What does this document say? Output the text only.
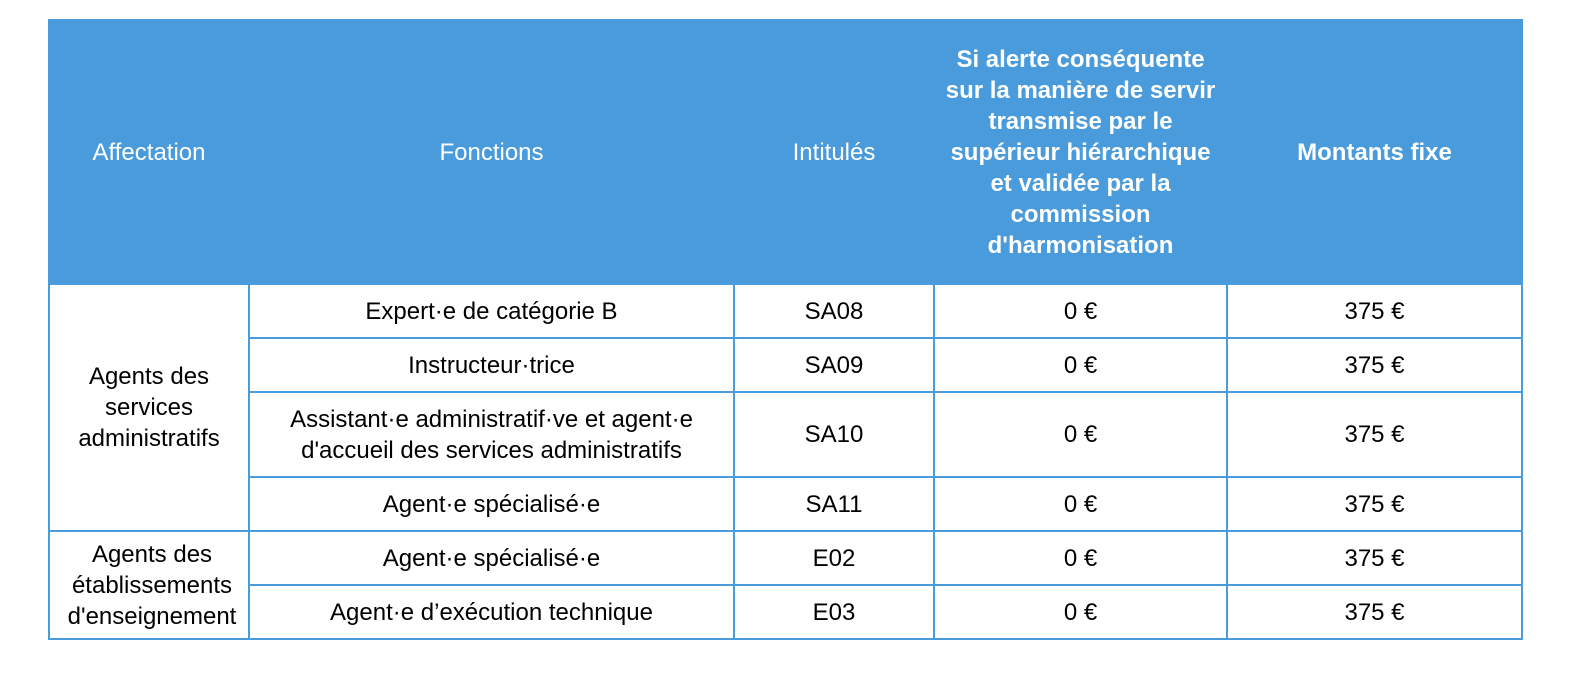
Affectation	Fonctions	Intitulés	Si alerte conséquente sur la manière de servir transmise par le supérieur hiérarchique et validée par la commission d'harmonisation	Montants fixe
Agents des services administratifs	Expert·e de catégorie B	SA08	0 €	375 €
	Instructeur·trice	SA09	0 €	375 €
	Assistant·e administratif·ve et agent·e d'accueil des services administratifs	SA10	0 €	375 €
	Agent·e spécialisé·e	SA11	0 €	375 €
Agents des établissements d'enseignement	Agent·e spécialisé·e	E02	0 €	375 €
	Agent·e d’exécution technique	E03	0 €	375 €
